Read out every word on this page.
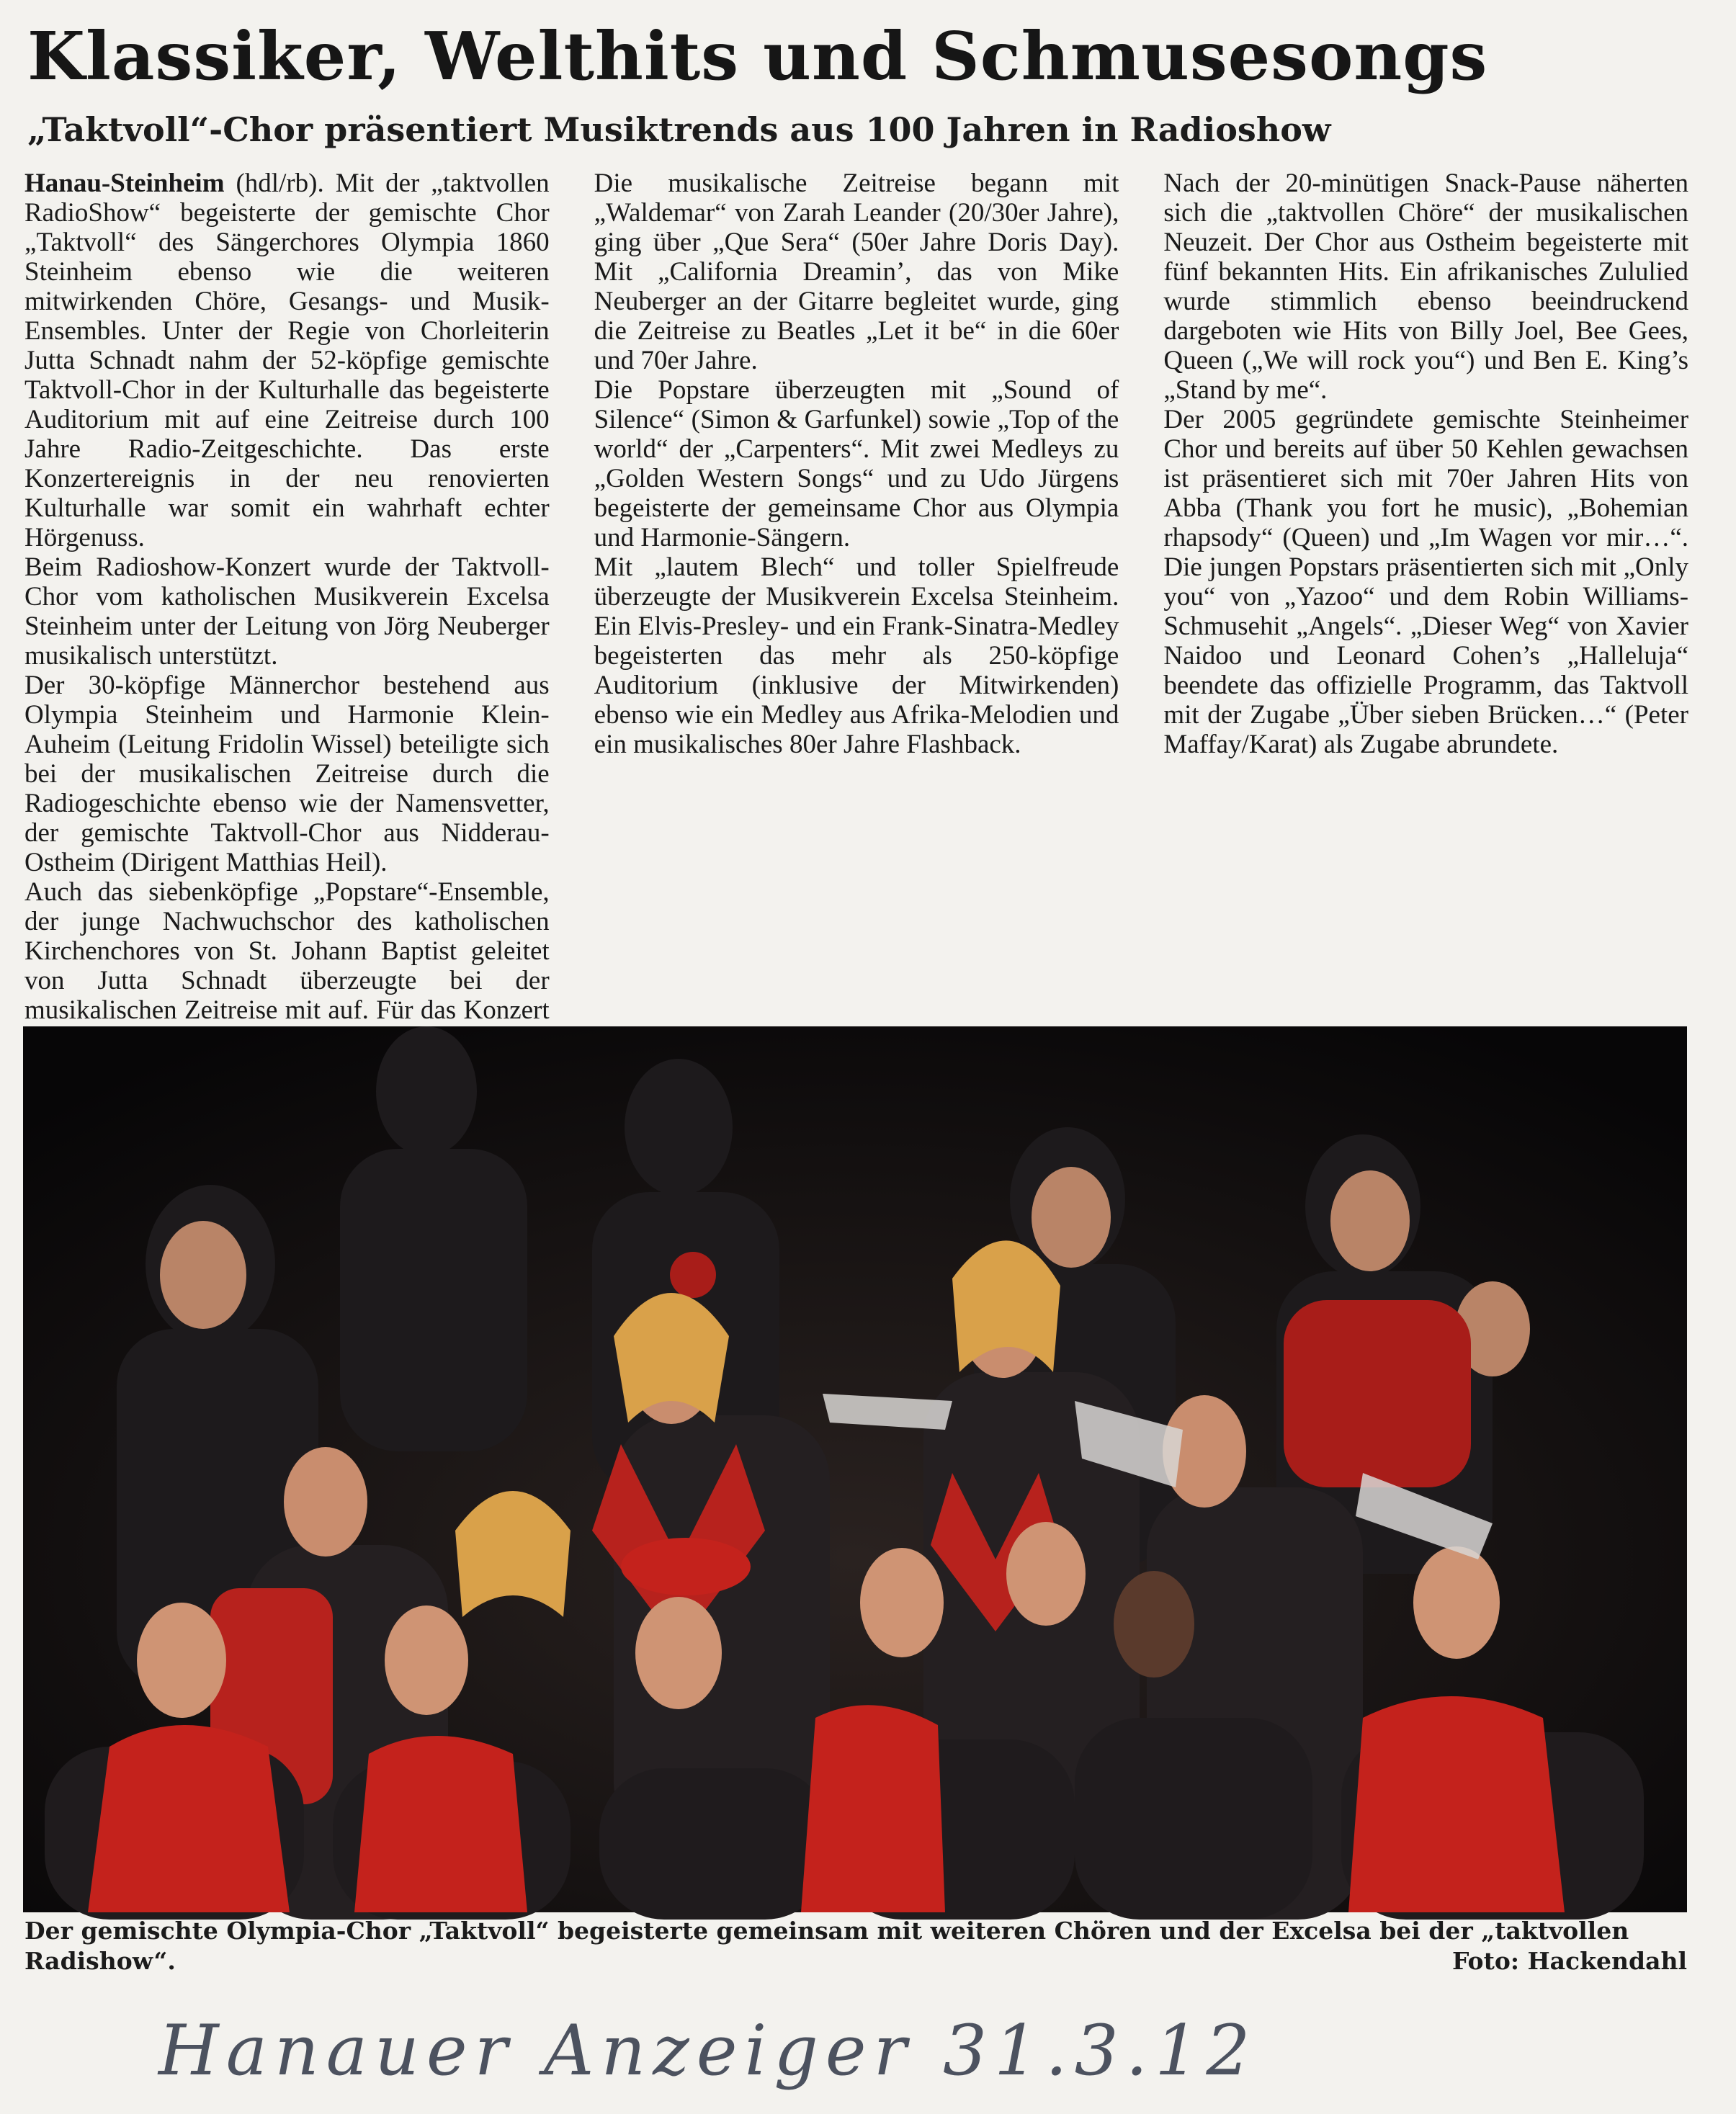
Klassiker, Welthits und Schmusesongs
„Taktvoll“-Chor präsentiert Musiktrends aus 100 Jahren in Radioshow

Hanau-Steinheim (hdl/rb). Mit der „taktvollen RadioShow“ begeisterte der gemischte Chor „Taktvoll“ des Sängerchores Olympia 1860 Steinheim ebenso wie die weiteren mitwirkenden Chöre, Gesangs- und Musik-Ensembles. Unter der Regie von Chorleiterin Jutta Schnadt nahm der 52-köpfige gemischte Taktvoll-Chor in der Kulturhalle das begeisterte Auditorium mit auf eine Zeitreise durch 100 Jahre Radio-Zeitgeschichte. Das erste Konzertereignis in der neu renovierten Kulturhalle war somit ein wahrhaft echter Hörgenuss.

Beim Radioshow-Konzert wurde der Taktvoll-Chor vom katholischen Musikverein Excelsa Steinheim unter der Leitung von Jörg Neuberger musikalisch unterstützt.

Der 30-köpfige Männerchor bestehend aus Olympia Steinheim und Harmonie Klein-Auheim (Leitung Fridolin Wissel) beteiligte sich bei der musikalischen Zeitreise durch die Radiogeschichte ebenso wie der Namensvetter, der gemischte Taktvoll-Chor aus Nidderau-Ostheim (Dirigent Matthias Heil).

Auch das siebenköpfige „Popstare“-Ensemble, der junge Nachwuchschor des katholischen Kirchenchores von St. Johann Baptist geleitet von Jutta Schnadt überzeugte bei der musikalischen Zeitreise mit auf. Für das Konzert

Die musikalische Zeitreise begann mit „Waldemar“ von Zarah Leander (20/30er Jahre), ging über „Que Sera“ (50er Jahre Doris Day). Mit „California Dreamin’, das von Mike Neuberger an der Gitarre begleitet wurde, ging die Zeitreise zu Beatles „Let it be“ in die 60er und 70er Jahre.

Die Popstare überzeugten mit „Sound of Silence“ (Simon & Garfunkel) sowie „Top of the world“ der „Carpenters“. Mit zwei Medleys zu „Golden Western Songs“ und zu Udo Jürgens begeisterte der gemeinsame Chor aus Olympia und Harmonie-Sängern.

Mit „lautem Blech“ und toller Spielfreude überzeugte der Musikverein Excelsa Steinheim. Ein Elvis-Presley- und ein Frank-Sinatra-Medley begeisterten das mehr als 250-köpfige Auditorium (inklusive der Mitwirkenden) ebenso wie ein Medley aus Afrika-Melodien und ein musikalisches 80er Jahre Flashback.

Nach der 20-minütigen Snack-Pause näherten sich die „taktvollen Chöre“ der musikalischen Neuzeit. Der Chor aus Ostheim begeisterte mit fünf bekannten Hits. Ein afrikanisches Zululied wurde stimmlich ebenso beeindruckend dargeboten wie Hits von Billy Joel, Bee Gees, Queen („We will rock you“) und Ben E. King’s „Stand by me“.

Der 2005 gegründete gemischte Steinheimer Chor und bereits auf über 50 Kehlen gewachsen ist präsentieret sich mit 70er Jahren Hits von Abba (Thank you fort he music), „Bohemian rhapsody“ (Queen) und „Im Wagen vor mir…“. Die jungen Popstars präsentierten sich mit „Only you“ von „Yazoo“ und dem Robin Williams-Schmusehit „Angels“. „Dieser Weg“ von Xavier Naidoo und Leonard Cohen’s „Halleluja“ beendete das offizielle Programm, das Taktvoll mit der Zugabe „Über sieben Brücken…“ (Peter Maffay/Karat) als Zugabe abrundete.

Der gemischte Olympia-Chor „Taktvoll“ begeisterte gemeinsam mit weiteren Chören und der Excelsa bei der „taktvollen Radishow“.	Foto: Hackendahl
Hanauer Anzeiger 31.3.12
